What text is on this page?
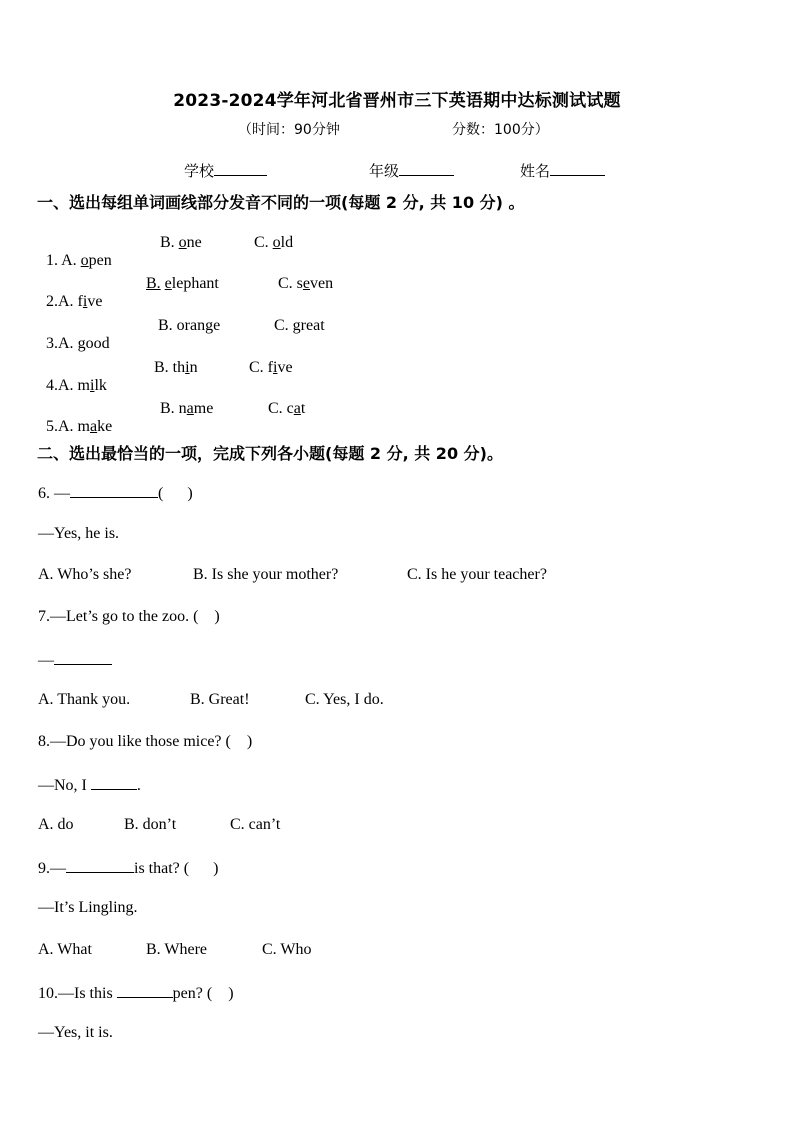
2023-2024学年河北省晋州市三下英语期中达标测试试题
（时间：90分钟	分数：100分）
学校	年级	姓名
一、选出每组单词画线部分发音不同的一项(每题 2 分, 共 10 分) 。

1. A. open

B. one	C. old

2.A. five

B. elephant	C. seven

3.A. good

B. orange	C. great

4.A. milk

B. thin	C. five

5.A. make

B. name	C. cat
二、选出最恰当的一项，完成下列各小题(每题 2 分, 共 20 分)。
6. —	(      )
—Yes, he is.
A. Who’s she?	B. Is she your mother?	C. Is he your teacher?
7.—Let’s go to the zoo. (    )
—
A. Thank you.	B. Great!	C. Yes, I do.
8.—Do you like those mice? (    )
—No, I	.
A. do	B. don’t	C. can’t
9.—	is that? (      )
—It’s Lingling.
A. What	B. Where	C. Who
10.—Is this	pen? (    )
—Yes, it is.
